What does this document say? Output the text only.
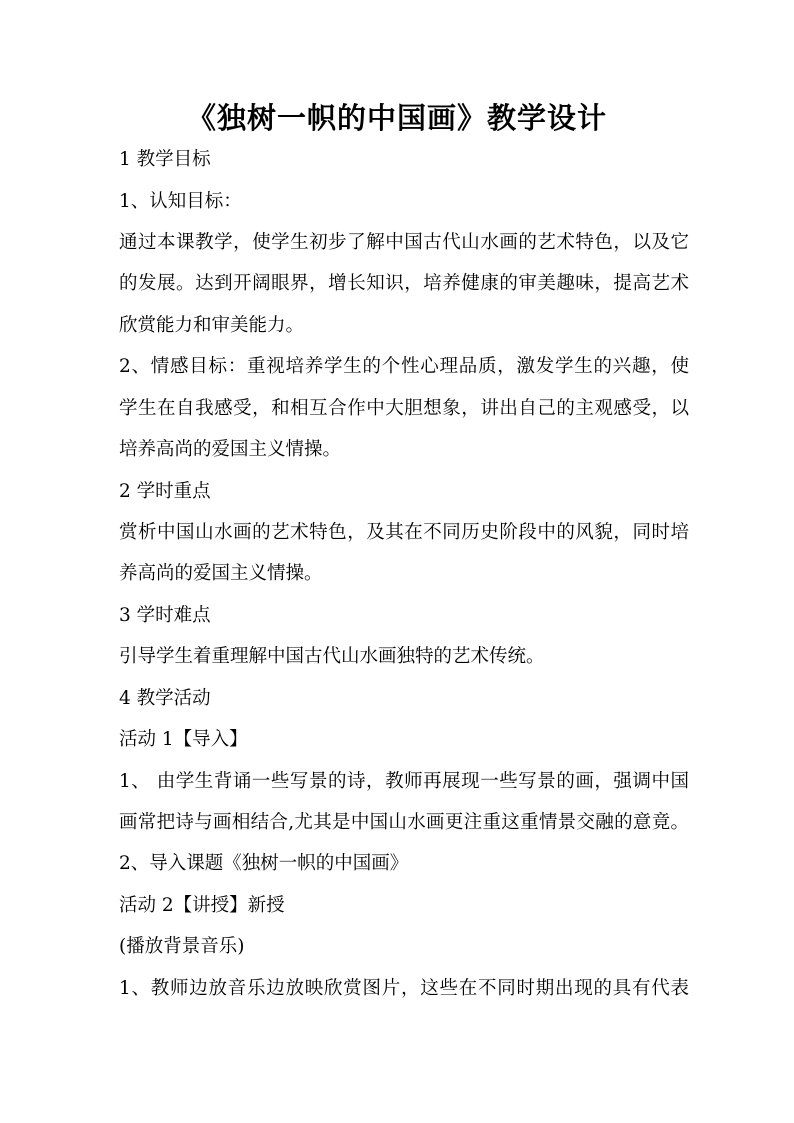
《独树一帜的中国画》教学设计

1 教学目标

1、认知目标：

通过本课教学，使学生初步了解中国古代山水画的艺术特色，以及它

的发展。达到开阔眼界，增长知识，培养健康的审美趣味，提高艺术

欣赏能力和审美能力。

2、情感目标：重视培养学生的个性心理品质，激发学生的兴趣，使

学生在自我感受，和相互合作中大胆想象，讲出自己的主观感受，以

培养高尚的爱国主义情操。

2 学时重点

赏析中国山水画的艺术特色，及其在不同历史阶段中的风貌，同时培

养高尚的爱国主义情操。

3 学时难点

引导学生着重理解中国古代山水画独特的艺术传统。

4 教学活动

活动 1【导入】

1、 由学生背诵一些写景的诗，教师再展现一些写景的画，强调中国

画常把诗与画相结合,尤其是中国山水画更注重这重情景交融的意竟。

2、导入课题《独树一帜的中国画》

活动 2【讲授】新授

(播放背景音乐)

1、教师边放音乐边放映欣赏图片，这些在不同时期出现的具有代表
